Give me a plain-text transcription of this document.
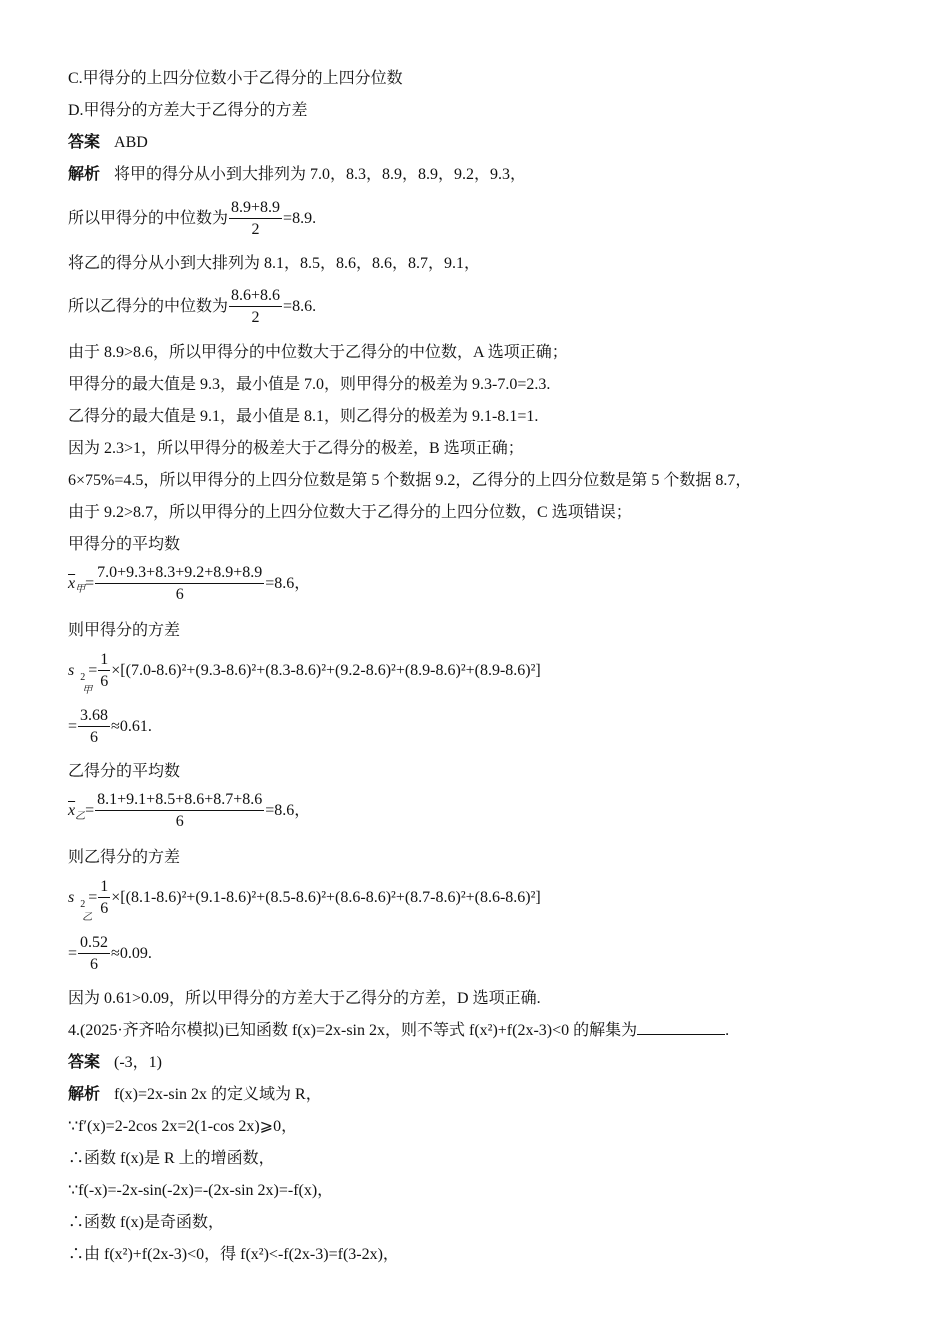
C.甲得分的上四分位数小于乙得分的上四分位数
D.甲得分的方差大于乙得分的方差
答案 ABD
解析 将甲的得分从小到大排列为 7.0，8.3，8.9，8.9，9.2，9.3，
所以甲得分的中位数为 $\frac{8.9+8.9}{2} =8.9$.
将乙的得分从小到大排列为 8.1，8.5，8.6，8.6，8.7，9.1，
所以乙得分的中位数为 $\frac{8.6+8.6}{2} =8.6$.
由于 8.9>8.6，所以甲得分的中位数大于乙得分的中位数，A 选项正确；
甲得分的最大值是 9.3，最小值是 7.0，则甲得分的极差为 9.3-7.0=2.3.
乙得分的最大值是 9.1，最小值是 8.1，则乙得分的极差为 9.1-8.1=1.
因为 2.3>1，所以甲得分的极差大于乙得分的极差，B 选项正确；
6×75%=4.5，所以甲得分的上四分位数是第 5 个数据 9.2，乙得分的上四分位数是第 5 个数据 8.7，
由于 9.2>8.7，所以甲得分的上四分位数大于乙得分的上四分位数，C 选项错误；
甲得分的平均数
$\overline{x}_甲= \frac{7.0+9.3+8.3+9.2+8.9+8.9}{6} =8.6$，
则甲得分的方差
s 2
甲
= $\frac{1}{6} \times[(7.0-8.6)^2+(9.3-8.6)^2+(8.3-8.6)^2+(9.2-8.6)^2+(8.9-8.6)^2+(8.9-8.6)^2]$
= $\frac{3.68}{6} \approx 0.61$.
乙得分的平均数
$\overline{x}_乙= \frac{8.1+9.1+8.5+8.6+8.7+8.6}{6} =8.6$，
则乙得分的方差
s 2
乙
= $\frac{1}{6} \times[(8.1-8.6)^2+(9.1-8.6)^2+(8.5-8.6)^2+(8.6-8.6)^2+(8.7-8.6)^2+(8.6-8.6)^2]$
= $\frac{0.52}{6} \approx 0.09$.
因为 0.61>0.09，所以甲得分的方差大于乙得分的方差，D 选项正确.
4.(2025·齐齐哈尔模拟)已知函数 f(x)=2x-sin 2x，则不等式 f(x²)+f(2x-3)<0 的解集为	.
答案 (-3，1)
解析 f(x)=2x-sin 2x 的定义域为 R，
∵f′(x)=2-2cos 2x=2(1-cos 2x)⩾0，
∴函数 f(x)是 R 上的增函数，
∵f(-x)=-2x-sin(-2x)=-(2x-sin 2x)=-f(x)，
∴函数 f(x)是奇函数，
∴由 f(x²)+f(2x-3)<0，得 f(x²)<-f(2x-3)=f(3-2x)，
